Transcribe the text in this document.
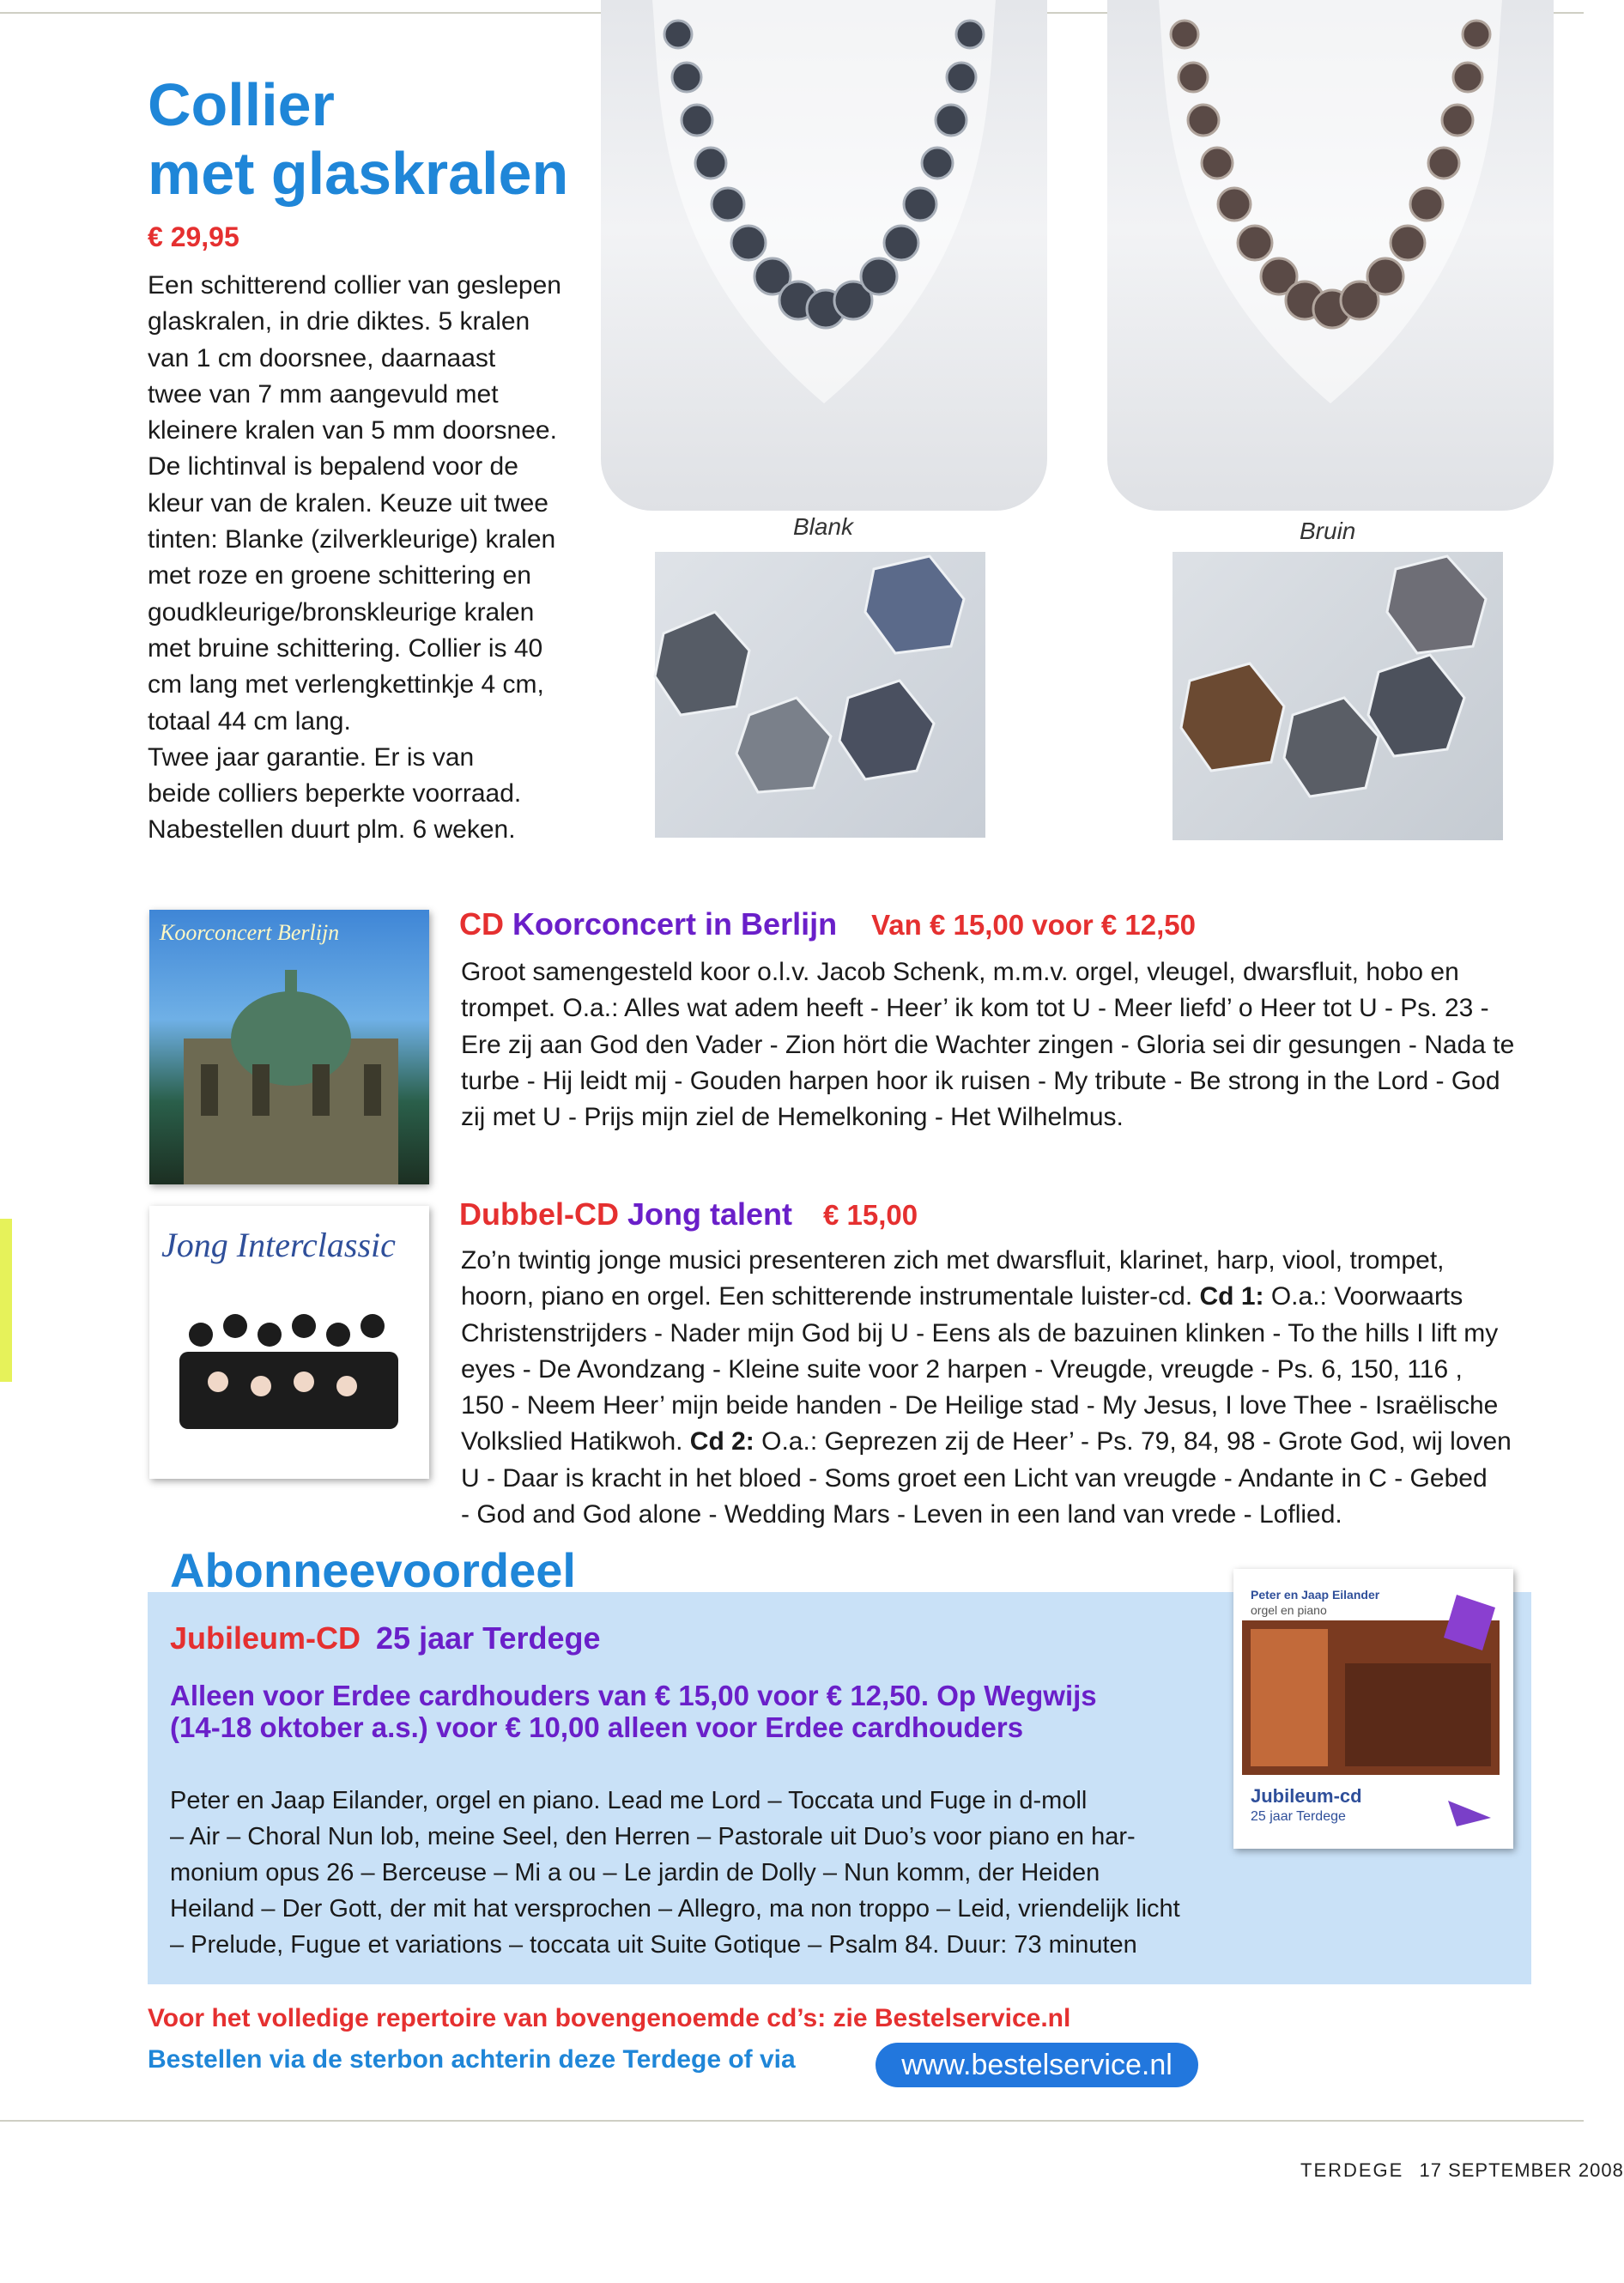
Collier
met glaskralen
€ 29,95
Een schitterend collier van geslepen
glaskralen, in drie diktes. 5 kralen
van 1 cm doorsnee, daarnaast
twee van 7 mm aangevuld met
kleinere kralen van 5 mm doorsnee.
De lichtinval is bepalend voor de
kleur van de kralen. Keuze uit twee
tinten: Blanke (zilverkleurige) kralen
met roze en groene schittering en
goudkleurige/bronskleurige kralen
met bruine schittering. Collier is 40
cm lang met verlengkettinkje 4 cm,
totaal 44 cm lang.
Twee jaar garantie. Er is van
beide colliers beperkte voorraad.
Nabestellen duurt plm. 6 weken.
Blank	Bruin
Koorconcert Berlijn	CD Koorconcert in Berlijn Van € 15,00 voor € 12,50
Groot samengesteld koor o.l.v. Jacob Schenk, m.m.v. orgel, vleugel, dwarsfluit, hobo en
trompet. O.a.: Alles wat adem heeft - Heer’ ik kom tot U - Meer liefd’ o Heer tot U - Ps. 23 -
Ere zij aan God den Vader - Zion hört die Wachter zingen - Gloria sei dir gesungen - Nada te
turbe - Hij leidt mij - Gouden harpen hoor ik ruisen - My tribute - Be strong in the Lord - God
zij met U - Prijs mijn ziel de Hemelkoning - Het Wilhelmus.
Jong Interclassic
Dubbel-CD Jong talent € 15,00
Zo’n twintig jonge musici presenteren zich met dwarsfluit, klarinet, harp, viool, trompet,
hoorn, piano en orgel. Een schitterende instrumentale luister-cd. Cd 1: O.a.: Voorwaarts
Christenstrijders - Nader mijn God bij U - Eens als de bazuinen klinken - To the hills I lift my
eyes - De Avondzang - Kleine suite voor 2 harpen - Vreugde, vreugde - Ps. 6, 150, 116 ,
150 - Neem Heer’ mijn beide handen - De Heilige stad - My Jesus, I love Thee - Israëlische
Volkslied Hatikwoh. Cd 2: O.a.: Geprezen zij de Heer’ - Ps. 79, 84, 98 - Grote God, wij loven
U - Daar is kracht in het bloed - Soms groet een Licht van vreugde - Andante in C - Gebed
- God and God alone - Wedding Mars - Leven in een land van vrede - Loflied.
Abonneevoordeel
Jubileum-CD 25 jaar Terdege
Alleen voor Erdee cardhouders van € 15,00 voor € 12,50. Op Wegwijs
(14-18 oktober a.s.) voor € 10,00 alleen voor Erdee cardhouders
Peter en Jaap Eilander, orgel en piano. Lead me Lord – Toccata und Fuge in d-moll
– Air – Choral Nun lob, meine Seel, den Herren – Pastorale uit Duo’s voor piano en har-
monium opus 26 – Berceuse – Mi a ou – Le jardin de Dolly – Nun komm, der Heiden
Heiland – Der Gott, der mit hat versprochen – Allegro, ma non troppo – Leid, vriendelijk licht
– Prelude, Fugue et variations – toccata uit Suite Gotique – Psalm 84. Duur: 73 minuten
Peter en Jaap Eilander
orgel en piano
Jubileum-cd
25 jaar Terdege
Voor het volledige repertoire van bovengenoemde cd’s: zie Bestelservice.nl
Bestellen via de sterbon achterin deze Terdege of via	www.bestelservice.nl
TERDEGE 17 SEPTEMBER 2008
